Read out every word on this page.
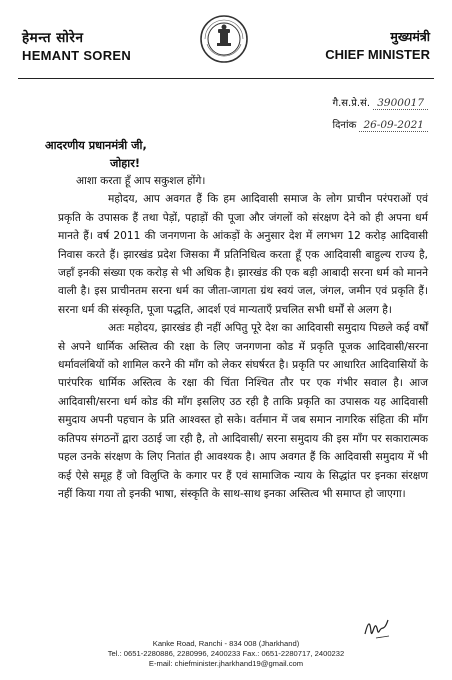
हेमन्त सोरेन
HEMANT SOREN
मुख्यमंत्री
CHIEF MINISTER
गै.स.प्रे.सं. 3900017
दिनांक 26-09-2021
आदरणीय प्रधानमंत्री जी,
जोहार!

आशा करता हूँ आप सकुशल होंगे।

महोदय, आप अवगत हैं कि हम आदिवासी समाज के लोग प्राचीन परंपराओं एवं प्रकृति के उपासक हैं तथा पेड़ों, पहाड़ों की पूजा और जंगलों को संरक्षण देने को ही अपना धर्म मानते हैं। वर्ष 2011 की जनगणना के आंकड़ों के अनुसार देश में लगभग 12 करोड़ आदिवासी निवास करते हैं। झारखंड प्रदेश जिसका मैं प्रतिनिधित्व करता हूँ एक आदिवासी बाहुल्य राज्य है, जहाँ इनकी संख्या एक करोड़ से भी अधिक है। झारखंड की एक बड़ी आबादी सरना धर्म को मानने वाली है। इस प्राचीनतम सरना धर्म का जीता-जागता ग्रंथ स्वयं जल, जंगल, जमीन एवं प्रकृति हैं। सरना धर्म की संस्कृति, पूजा पद्धति, आदर्श एवं मान्यताएँ प्रचलित सभी धर्मों से अलग है।

अतः महोदय, झारखंड ही नहीं अपितु पूरे देश का आदिवासी समुदाय पिछले कई वर्षों से अपने धार्मिक अस्तित्व की रक्षा के लिए जनगणना कोड में प्रकृति पूजक आदिवासी/सरना धर्मावलंबियों को शामिल करने की माँग को लेकर संघर्षरत है। प्रकृति पर आधारित आदिवासियों के पारंपरिक धार्मिक अस्तित्व के रक्षा की चिंता निश्चित तौर पर एक गंभीर सवाल है। आज आदिवासी/सरना धर्म कोड की माँग इसलिए उठ रही है ताकि प्रकृति का उपासक यह आदिवासी समुदाय अपनी पहचान के प्रति आश्वस्त हो सके। वर्तमान में जब समान नागरिक संहिता की माँग कतिपय संगठनों द्वारा उठाई जा रही है, तो आदिवासी/ सरना समुदाय की इस माँग पर सकारात्मक पहल उनके संरक्षण के लिए नितांत ही आवश्यक है। आप अवगत हैं कि आदिवासी समुदाय में भी कई ऐसे समूह हैं जो विलुप्ति के कगार पर हैं एवं सामाजिक न्याय के सिद्धांत पर इनका संरक्षण नहीं किया गया तो इनकी भाषा, संस्कृति के साथ-साथ इनका अस्तित्व भी समाप्त हो जाएगा।

Kanke Road, Ranchi - 834 008 (Jharkhand)
Tel.: 0651-2280886, 2280996, 2400233 Fax.: 0651-2280717, 2400232
E-mail: chiefminister.jharkhand19@gmail.com
